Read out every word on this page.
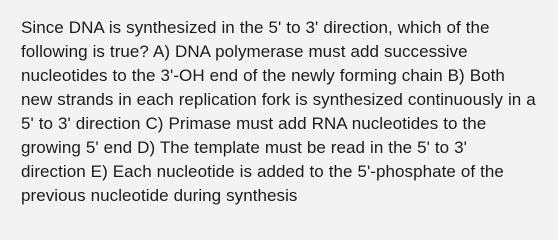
Since DNA is synthesized in the 5' to 3' direction, which of the following is true? A) DNA polymerase must add successive nucleotides to the 3'-OH end of the newly forming chain B) Both new strands in each replication fork is synthesized continuously in a 5' to 3' direction C) Primase must add RNA nucleotides to the growing 5' end D) The template must be read in the 5' to 3' direction E) Each nucleotide is added to the 5'-phosphate of the previous nucleotide during synthesis
